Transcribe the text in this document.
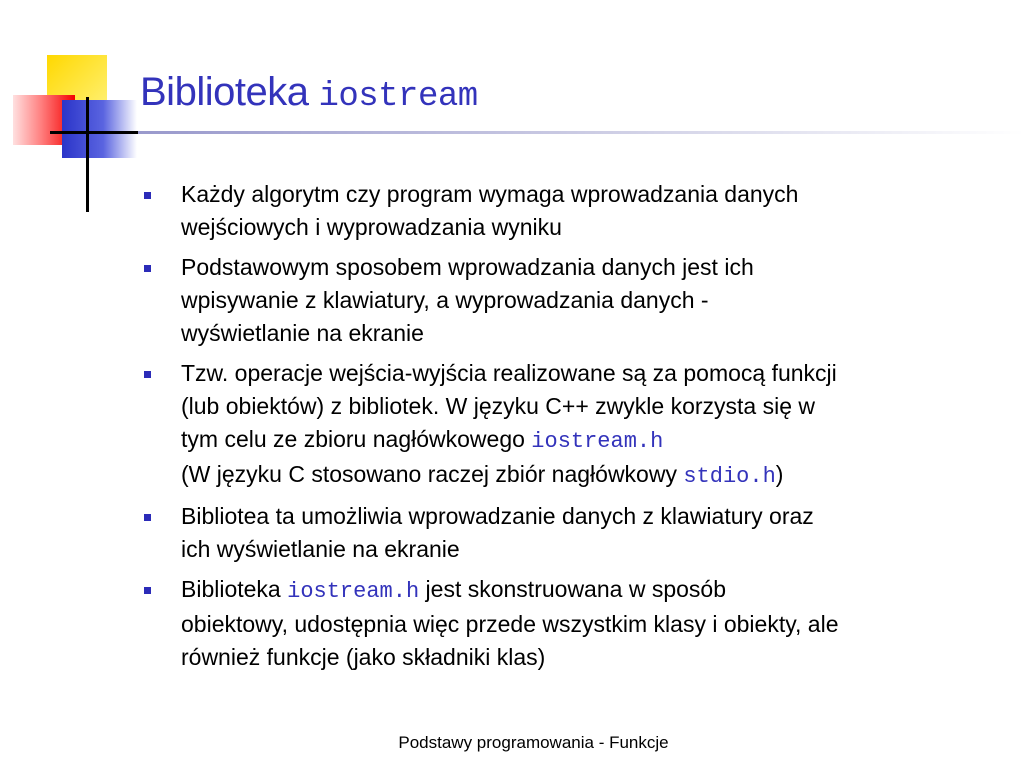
Biblioteka iostream
Każdy algorytm czy program wymaga wprowadzania danych
wejściowych i wyprowadzania wyniku
Podstawowym sposobem wprowadzania danych jest ich
wpisywanie z klawiatury, a wyprowadzania danych -
wyświetlanie na ekranie
Tzw. operacje wejścia-wyjścia realizowane są za pomocą funkcji
(lub obiektów) z bibliotek. W języku C++ zwykle korzysta się w
tym celu ze zbioru nagłówkowego iostream.h
(W języku C stosowano raczej zbiór nagłówkowy stdio.h)
Bibliotea ta umożliwia wprowadzanie danych z klawiatury oraz
ich wyświetlanie na ekranie
Biblioteka iostream.h jest skonstruowana w sposób
obiektowy, udostępnia więc przede wszystkim klasy i obiekty, ale
również funkcje (jako składniki klas)
Podstawy programowania - Funkcje
